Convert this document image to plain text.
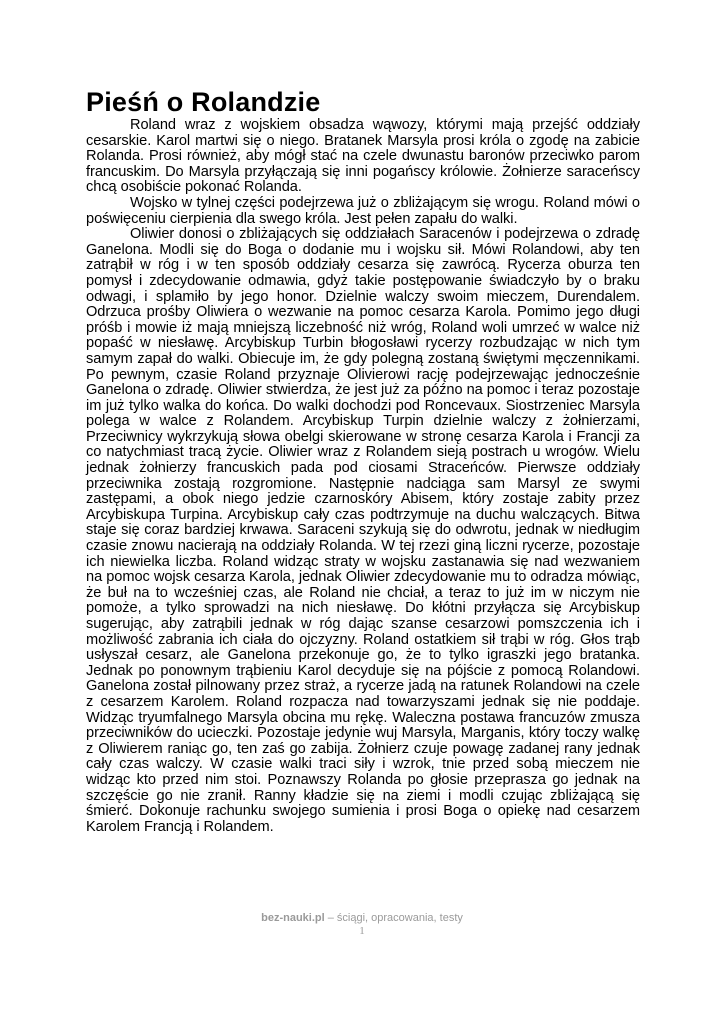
Pieśń o Rolandzie

Roland wraz z wojskiem obsadza wąwozy, którymi mają przejść oddziały cesarskie. Karol martwi się o niego. Bratanek Marsyla prosi króla o zgodę na zabicie Rolanda. Prosi również, aby mógł stać na czele dwunastu baronów przeciwko parom francuskim. Do Marsyla przyłączają się inni pogańscy królowie. Żołnierze saraceńscy chcą osobiście pokonać Rolanda.

Wojsko w tylnej części podejrzewa już o zbliżającym się wrogu. Roland mówi o poświęceniu cierpienia dla swego króla. Jest pełen zapału do walki.

Oliwier donosi o zbliżających się oddziałach Saracenów i podejrzewa o zdradę Ganelona. Modli się do Boga o dodanie mu i wojsku sił. Mówi Rolandowi, aby ten zatrąbił w róg i w ten sposób oddziały cesarza się zawrócą. Rycerza oburza ten pomysł i zdecydowanie odmawia, gdyż takie postępowanie świadczyło by o braku odwagi, i splamiło by jego honor. Dzielnie walczy swoim mieczem, Durendalem. Odrzuca prośby Oliwiera o wezwanie na pomoc cesarza Karola. Pomimo jego długi próśb i mowie iż mają mniejszą liczebność niż wróg, Roland woli umrzeć w walce niż popaść w niesławę. Arcybiskup Turbin błogosławi rycerzy rozbudzając w nich tym samym zapał do walki. Obiecuje im, że gdy polegną zostaną świętymi męczennikami. Po pewnym, czasie Roland przyznaje Olivierowi rację podejrzewając jednocześnie Ganelona o zdradę. Oliwier stwierdza, że jest już za późno na pomoc i teraz pozostaje im już tylko walka do końca. Do walki dochodzi pod Roncevaux. Siostrzeniec Marsyla polega w walce z Rolandem. Arcybiskup Turpin dzielnie walczy z żołnierzami, Przeciwnicy wykrzykują słowa obelgi skierowane w stronę cesarza Karola i Francji za co natychmiast tracą życie. Oliwier wraz z Rolandem sieją postrach u wrogów. Wielu jednak żołnierzy francuskich pada pod ciosami Straceńców. Pierwsze oddziały przeciwnika zostają rozgromione. Następnie nadciąga sam Marsyl ze swymi zastępami, a obok niego jedzie czarnoskóry Abisem, który zostaje zabity przez Arcybiskupa Turpina. Arcybiskup cały czas podtrzymuje na duchu walczących. Bitwa staje się coraz bardziej krwawa. Saraceni szykują się do odwrotu, jednak w niedługim czasie znowu nacierają na oddziały Rolanda. W tej rzezi giną liczni rycerze, pozostaje ich niewielka liczba. Roland widząc straty w wojsku zastanawia się nad wezwaniem na pomoc wojsk cesarza Karola, jednak Oliwier zdecydowanie mu to odradza mówiąc, że buł na to wcześniej czas, ale Roland nie chciał, a teraz to już im w niczym nie pomoże, a tylko sprowadzi na nich niesławę. Do kłótni przyłącza się Arcybiskup sugerując, aby zatrąbili jednak w róg dając szanse cesarzowi pomszczenia ich i możliwość zabrania ich ciała do ojczyzny. Roland ostatkiem sił trąbi w róg. Głos trąb usłyszał cesarz, ale Ganelona przekonuje go, że to tylko igraszki jego bratanka. Jednak po ponownym trąbieniu Karol decyduje się na pójście z pomocą Rolandowi. Ganelona został pilnowany przez straż, a rycerze jadą na ratunek Rolandowi na czele z cesarzem Karolem. Roland rozpacza nad towarzyszami jednak się nie poddaje. Widząc tryumfalnego Marsyla obcina mu rękę. Waleczna postawa francuzów zmusza przeciwników do ucieczki. Pozostaje jedynie wuj Marsyla, Marganis, który toczy walkę z Oliwierem raniąc go, ten zaś go zabija. Żołnierz czuje powagę zadanej rany jednak cały czas walczy. W czasie walki traci siły i wzrok, tnie przed sobą mieczem nie widząc kto przed nim stoi. Poznawszy Rolanda po głosie przeprasza go jednak na szczęście go nie zranił. Ranny kładzie się na ziemi i modli czując zbliżającą się śmierć. Dokonuje rachunku swojego sumienia i prosi Boga o opiekę nad cesarzem Karolem Francją i Rolandem.

bez-nauki.pl – ściągi, opracowania, testy
1
